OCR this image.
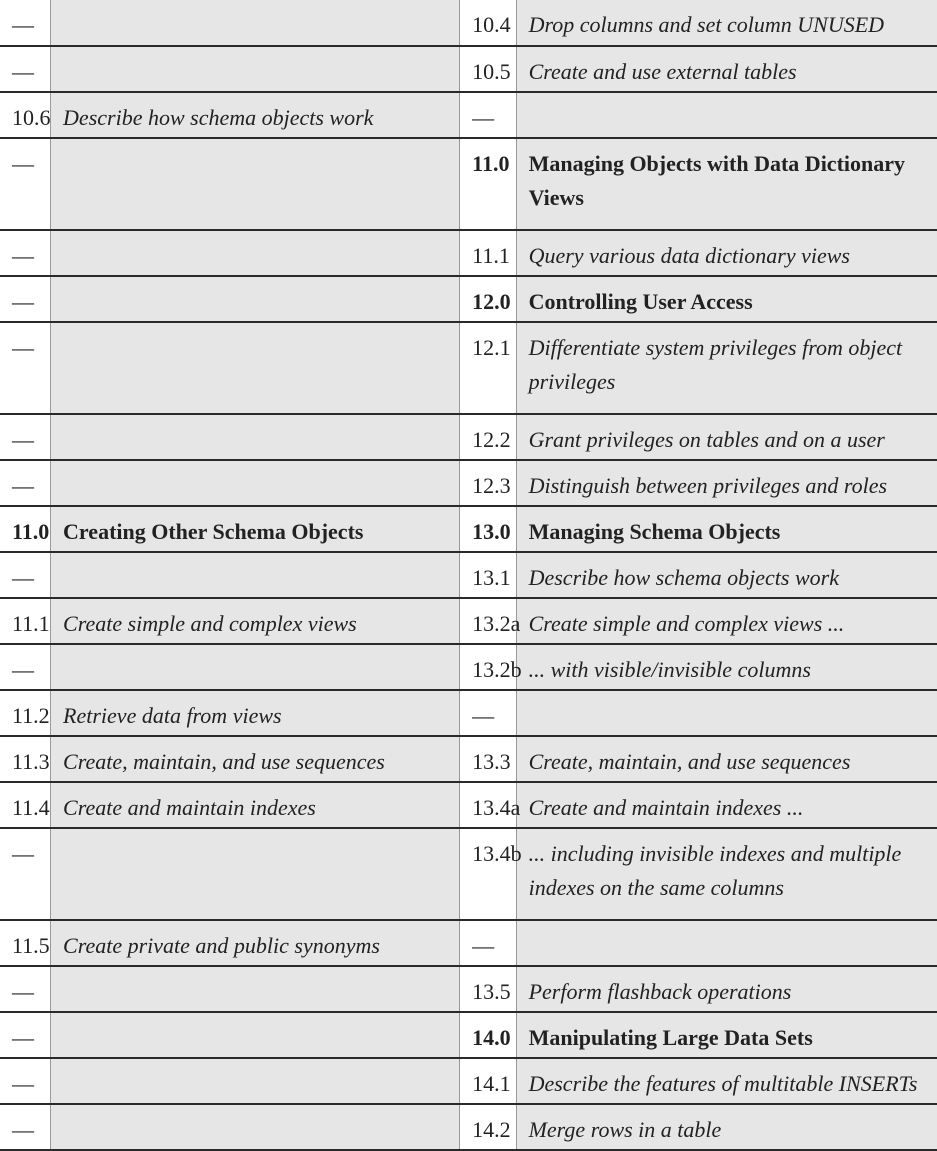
—		10.4	Drop columns and set column UNUSED
—		10.5	Create and use external tables
10.6	Describe how schema objects work	—	
—		11.0	Managing Objects with Data Dictionary Views
—		11.1	Query various data dictionary views
—		12.0	Controlling User Access
—		12.1	Differentiate system privileges from object privileges
—		12.2	Grant privileges on tables and on a user
—		12.3	Distinguish between privileges and roles
11.0	Creating Other Schema Objects	13.0	Managing Schema Objects
—		13.1	Describe how schema objects work
11.1	Create simple and complex views	13.2a	Create simple and complex views ...
—		13.2b	... with visible/invisible columns
11.2	Retrieve data from views	—	
11.3	Create, maintain, and use sequences	13.3	Create, maintain, and use sequences
11.4	Create and maintain indexes	13.4a	Create and maintain indexes ...
—		13.4b	... including invisible indexes and multiple indexes on the same columns
11.5	Create private and public synonyms	—	
—		13.5	Perform flashback operations
—		14.0	Manipulating Large Data Sets
—		14.1	Describe the features of multitable INSERTs
—		14.2	Merge rows in a table
